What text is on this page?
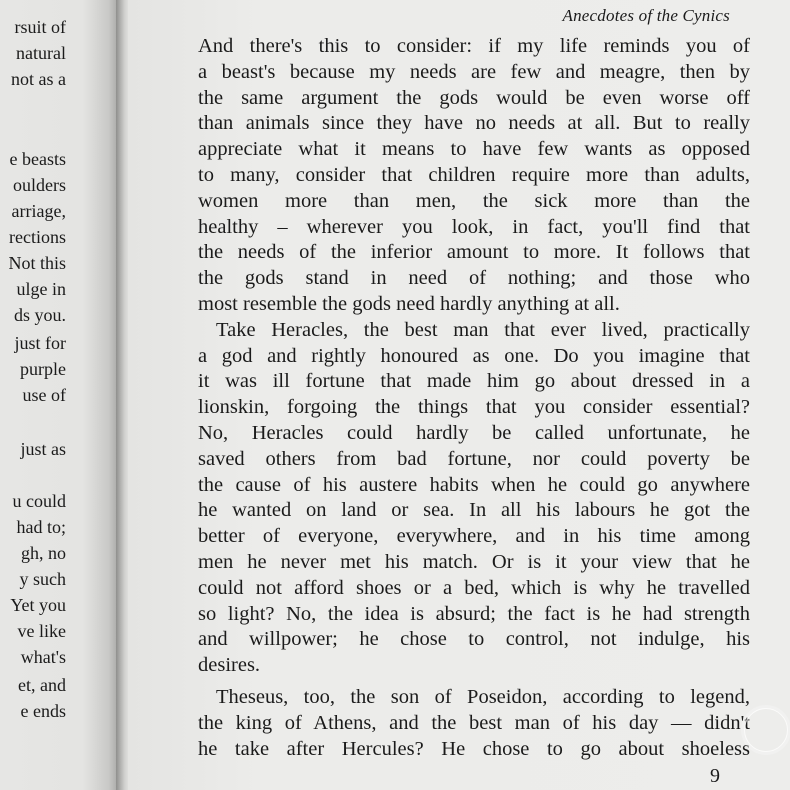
rsuit of
natural
not as a
e beasts
oulders
arriage,
rections
Not this
ulge in
ds you.
just for
purple
use of
just as
u could
had to;
gh, no
y such
Yet you
ve like
what's
et, and
e ends
Anecdotes of the Cynics
And there's this to consider: if my life reminds you of
a beast's because my needs are few and meagre, then by
the same argument the gods would be even worse off
than animals since they have no needs at all. But to really
appreciate what it means to have few wants as opposed
to many, consider that children require more than adults,
women more than men, the sick more than the
healthy – wherever you look, in fact, you'll find that
the needs of the inferior amount to more. It follows that
the gods stand in need of nothing; and those who
most resemble the gods need hardly anything at all.
Take Heracles, the best man that ever lived, practically
a god and rightly honoured as one. Do you imagine that
it was ill fortune that made him go about dressed in a
lionskin, forgoing the things that you consider essential?
No, Heracles could hardly be called unfortunate, he
saved others from bad fortune, nor could poverty be
the cause of his austere habits when he could go anywhere
he wanted on land or sea. In all his labours he got the
better of everyone, everywhere, and in his time among
men he never met his match. Or is it your view that he
could not afford shoes or a bed, which is why he travelled
so light? No, the idea is absurd; the fact is he had strength
and willpower; he chose to control, not indulge, his
desires.
Theseus, too, the son of Poseidon, according to legend,
the king of Athens, and the best man of his day — didn't
he take after Hercules? He chose to go about shoeless
9
